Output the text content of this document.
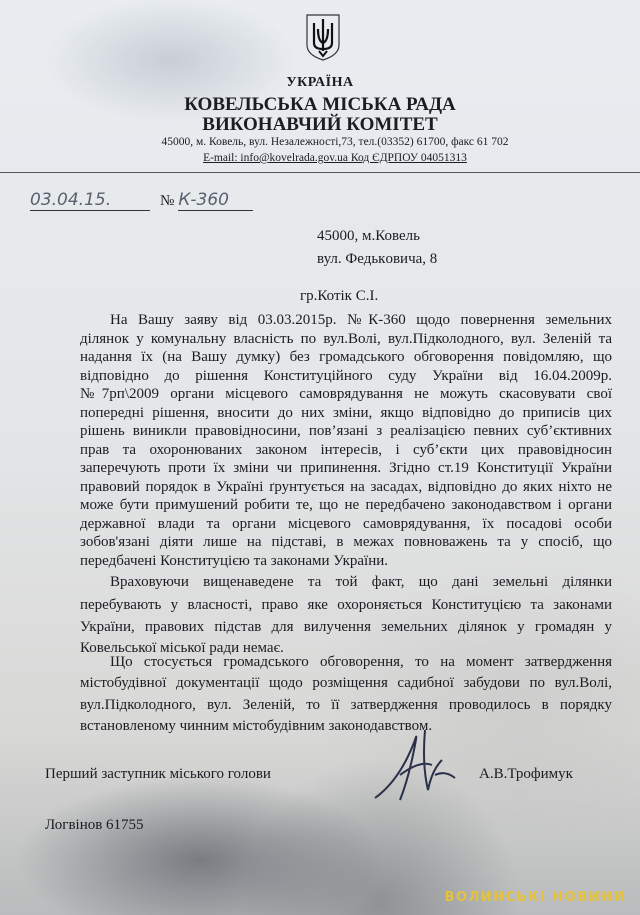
УКРАЇНА
КОВЕЛЬСЬКА МІСЬКА РАДА
ВИКОНАВЧИЙ КОМІТЕТ
45000, м. Ковель, вул. Незалежності,73, тел.(03352) 61700, факс 61 702
E-mail: info@kovelrada.gov.ua Код ЄДРПОУ 04051313
03.04.15.	№ К-360
45000, м.Ковель
вул. Федькoвича, 8
гр.Котік С.І.
На Вашу заяву від 03.03.2015р. №К-360 щодо повернення земельних
ділянок у комунальну власність по вул.Волі, вул.Підколодного, вул. Зеленій та
надання їх (на Вашу думку) без громадського обговорення повідомляю, що
відповідно до рішення Конституційного суду України від 16.04.2009р.
№7рп\2009 органи місцевого самоврядування не можуть скасовувати свої
попередні рішення, вносити до них зміни, якщо відповідно до приписів цих
рішень виникли правовідносини, пов’язані з реалізацією певних суб’єктивних
прав та охоронюваних законом інтересів, і суб’єкти цих правовідносин
заперечують проти їх зміни чи припинення. Згідно ст.19 Конституції України
правовий порядок в Україні ґрунтується на засадах, відповідно до яких ніхто не
може бути примушений робити те, що не передбачено законодавством і органи
державної влади та органи місцевого самоврядування, їх посадові особи
зобов'язані діяти лише на підставі, в межах повноважень та у спосіб, що
передбачені Конституцією та законами України.
Враховуючи вищенаведене та той факт, що дані земельні ділянки
перебувають у власності, право яке охороняється Конституцією та законами
України, правових підстав для вилучення земельних ділянок у громадян у
Ковельської міської ради немає.
Що стосується громадського обговорення, то на момент затвердження
містобудівної документації щодо розміщення садибної забудови по вул.Волі,
вул.Підколодного, вул. Зеленій, то її затвердження проводилось в порядку
встановленому чинним містобудівним законодавством.
Перший заступник міського голови	А.В.Трофимук
Логвінов 61755
ВОЛИНСЬКІ НОВИНИ
